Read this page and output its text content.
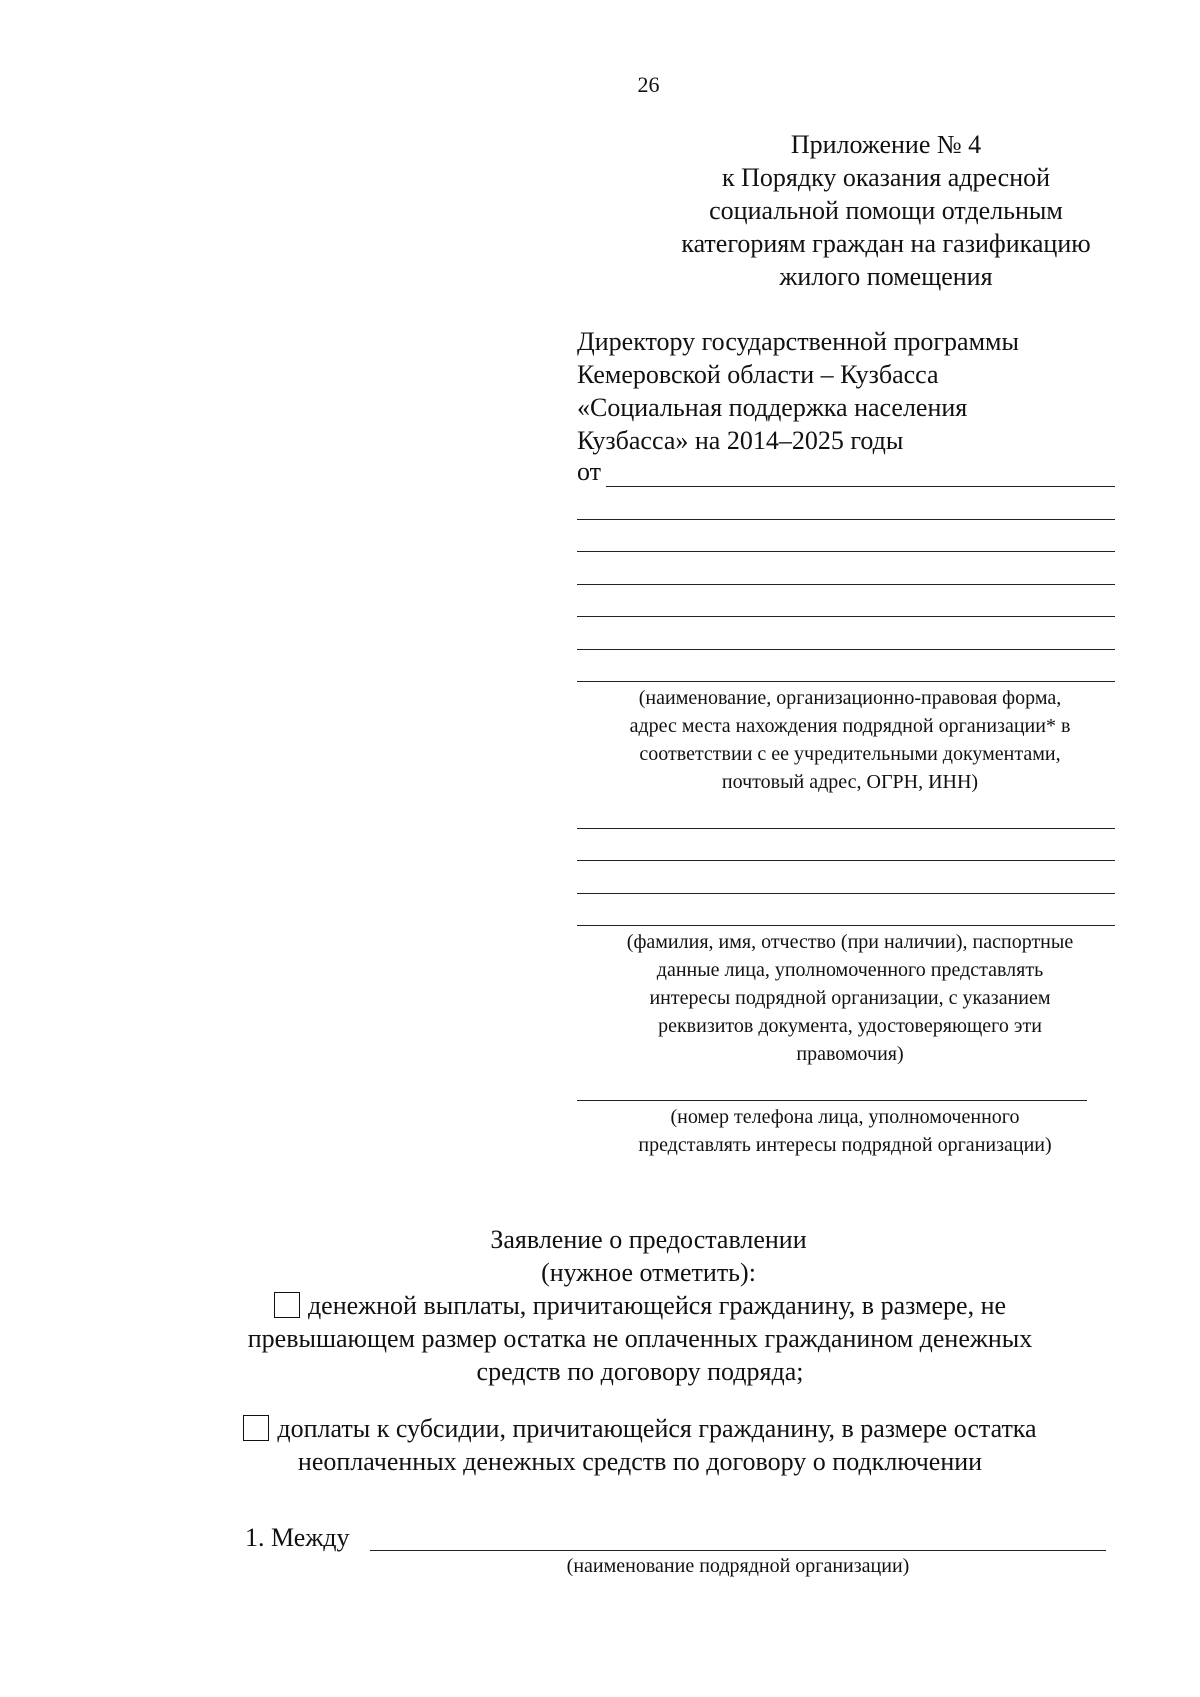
26
Приложение № 4
к Порядку оказания адресной
социальной помощи отдельным
категориям граждан на газификацию
жилого помещения
Директору государственной программы
Кемеровской области – Кузбасса
«Социальная поддержка населения
Кузбасса» на 2014–2025 годы
от
(наименование, организационно-правовая форма,
адрес места нахождения подрядной организации* в
соответствии с ее учредительными документами,
почтовый адрес, ОГРН, ИНН)
(фамилия, имя, отчество (при наличии), паспортные
данные лица, уполномоченного представлять
интересы подрядной организации, с указанием
реквизитов документа, удостоверяющего эти
правомочия)
(номер телефона лица, уполномоченного
представлять интересы подрядной организации)
Заявление о предоставлении
(нужное отметить):
денежной выплаты, причитающейся гражданину, в размере, не
превышающем размер остатка не оплаченных гражданином денежных
средств по договору подряда;
доплаты к субсидии, причитающейся гражданину, в размере остатка
неоплаченных денежных средств по договору о подключении
1. Между
(наименование подрядной организации)
